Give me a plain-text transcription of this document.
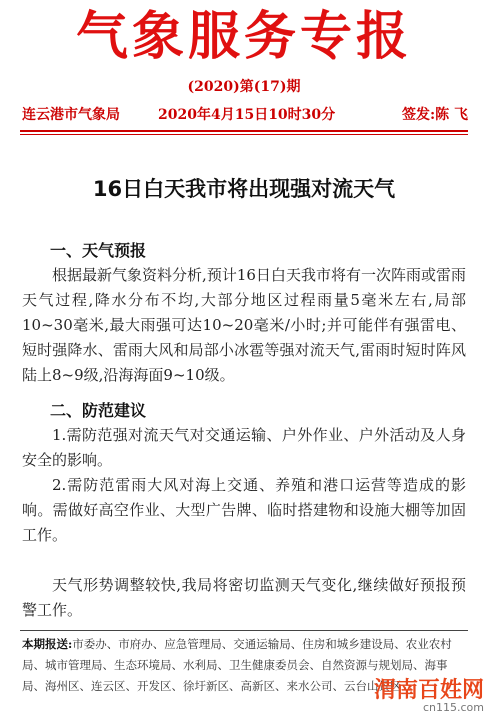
气象服务专报
(2020)第(17)期
连云港市气象局	2020年4月15日10时30分	签发:陈 飞
16日白天我市将出现强对流天气
一、天气预报
根据最新气象资料分析,预计16日白天我市将有一次阵雨或雷雨天气过程,降水分布不均,大部分地区过程雨量5毫米左右,局部10~30毫米,最大雨强可达10~20毫米/小时;并可能伴有强雷电、短时强降水、雷雨大风和局部小冰雹等强对流天气,雷雨时短时阵风陆上8~9级,沿海海面9~10级。
二、防范建议
1.需防范强对流天气对交通运输、户外作业、户外活动及人身安全的影响。
2.需防范雷雨大风对海上交通、养殖和港口运营等造成的影响。需做好高空作业、大型广告牌、临时搭建物和设施大棚等加固工作。
天气形势调整较快,我局将密切监测天气变化,继续做好预报预警工作。
本期报送:市委办、市府办、应急管理局、交通运输局、住房和城乡建设局、农业农村局、城市管理局、生态环境局、水利局、卫生健康委员会、自然资源与规划局、海事局、海州区、连云区、开发区、徐圩新区、高新区、来水公司、云台山景区
渭南百姓网
cn115.com
